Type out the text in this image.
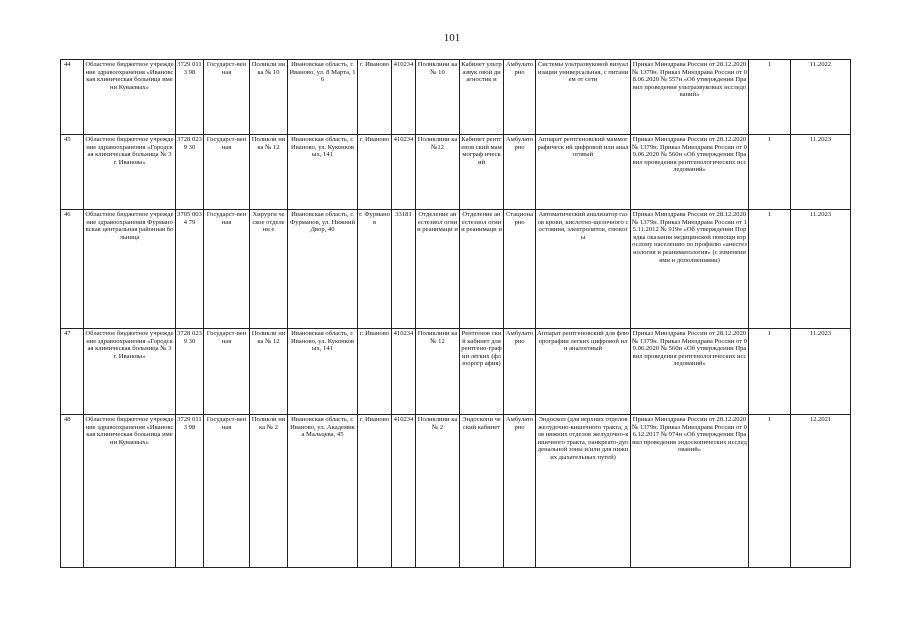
101
44	Областное бюджетное учреждение здравоохранения «Ивановская клиническая больница имени Куваевых»	3729 0113 98	Государст-венная	Поликли ника № 10	Ивановская область, г. Иваново, ул. 8 Марта, 16	г. Иваново	410234	Поликлини ка № 10	Кабинет ультразвук овой диагностик и	Амбулато рно	Системы ультразвуковой визуализации универсальная, с питанием от сети	Приказ Минздрава России от 28.12.2020 № 1379н. Приказ Минздрава России от 08.06.2020 № 557н «Об утверждении Правил проведения ультразвуковых исследований»	1	11.2022
45	Областное бюджетное учреждение здравоохранения «Городская клиническая больница № 3 г. Иванова»	3728 0239 30	Государст-венная	Поликли ника № 12	Ивановская область, г. Иваново, ул. Куконковых, 141	г. Иваново	410234	Поликлини ка №12	Кабинет рентгенов ский маммограф ический	Амбулато рно	Аппарат рентгеновский маммографическ ий цифровой или аналоговый	Приказ Минздрава России от 28.12.2020 № 1379н. Приказ Минздрава России от 09.06.2020 № 560н «Об утверждении Правил проведения рентгенологических исследований»	1	11.2023
46	Областное бюджетное учреждение здравоохранения Фурмановская центральная районная больница	3705 0034 79	Государст-венная	Хирурги ческое отделени е	Ивановская область, г. Фурманов, ул. Нижний Двор, 40	г. Фурмано в	33181	Отделение анестезиол огии и реанимаци и	Отделение анестезиол огии и реанимаци и	Стационa рно	Автоматический анализатор газов крови, кислотно-щелочного состояния, электролитов, глюкозы	Приказ Минздрава России от 28.12.2020 № 1379н. Приказ Минздрава России от 15.11.2012 № 919н «Об утверждении Порядка оказания медицинской помощи взрослому населению по профилю «анестезиология и реаниматология» (с изменениями и дополнениями)	1	11.2023
47	Областное бюджетное учреждение здравоохранения «Городская клиническая больница № 3 г. Иванова»	3728 0239 30	Государст-венная	Поликли ника № 12	Ивановская область, г. Иваново, ул. Куконковых, 141	г. Иваново	410234	Поликлини ка № 12	Рентгенов ский кабинет для рентгено-графии легких (флюорогр афия)	Амбулато рно	Аппарат рентгеновский для флюорографии легких цифровой или аналоговый	Приказ Минздрава России от 28.12.2020 № 1379н. Приказ Минздрава России от 09.06.2020 № 560н «Об утверждении Правил проведения рентгенологических исследований»	1	11.2023
48	Областное бюджетное учреждение здравоохранения «Ивановская клиническая больница имени Куваевых»	3729 0113 98	Государст-венная	Поликли ника № 2	Ивановская область, г. Иваново, ул. Академика Мальцева, 45	г. Иваново	410234	Поликлини ка № 2	Эндоскопи ческий кабинет	Амбулато рно	Эндоскоп (для верхних отделов желудочно-кишечного тракта, для нижних отделов желудочно-кишечного тракта, панкреато-дуоденальной зоны и/или для нижних дыхательных путей)	Приказ Минздрава России от 28.12.2020 № 1379н. Приказ Минздрава России от 06.12.2017 № 974н «Об утверждении Правил проведения эндоскопических исследований»	1	12.2021
